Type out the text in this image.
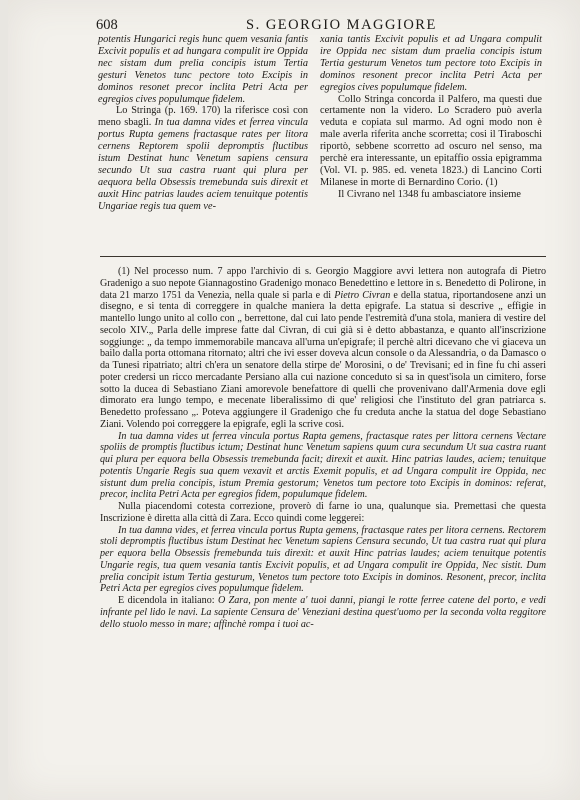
608	S. GEORGIO MAGGIORE

potentis Hungarici regis hunc quem vesania fantis Excivit populis et ad hungara compulit ire Oppida nec sistam dum prelia concipis istum Tertia gesturi Venetos tunc pectore toto Excipis in dominos resonet precor inclita Petri Acta per egregios cives populumque fidelem.

Lo Stringa (p. 169. 170) la riferisce così con meno sbagli. In tua damna vides et ferrea vincula portus Rupta gemens fractasque rates per litora cernens Reptorem spolii depromptis fluctibus istum Destinat hunc Venetum sapiens censura secundo Ut sua castra ruant qui plura per aequora bella Obsessis tremebunda suis direxit et auxit Hinc patrias laudes aciem tenuitque potentis Ungariae regis tua quem ve-

xania tantis Excivit populis et ad Ungara compulit ire Oppida nec sistam dum praelia concipis istum Tertia gesturum Venetos tum pectore toto Excipis in dominos resonent precor inclita Petri Acta per egregios cives populumque fidelem.

Collo Stringa concorda il Palfero, ma questi due certamente non la videro. Lo Scradero può averla veduta e copiata sul marmo. Ad ogni modo non è male averla riferita anche scorretta; cosi il Tiraboschi riportò, sebbene scorretto ad oscuro nel senso, ma perchè era interessante, un epitaffio ossia epigramma (Vol. VI. p. 985. ed. veneta 1823.) di Lancino Corti Milanese in morte di Bernardino Corio. (1)

Il Civrano nel 1348 fu ambasciatore insieme

(1) Nel processo num. 7 appo l'archivio di s. Georgio Maggiore avvi lettera non autografa di Pietro Gradenigo a suo nepote Giannagostino Gradenigo monaco Benedettino e lettore in s. Benedetto di Polirone, in data 21 marzo 1751 da Venezia, nella quale si parla e di Pietro Civran e della statua, riportandosene anzi un disegno, e si tenta di correggere in qualche maniera la detta epigrafe. La statua si descrive „ effigie in mantello lungo unito al collo con „ berrettone, dal cui lato pende l'estremità d'una stola, maniera di vestire del secolo XIV.„ Parla delle imprese fatte dal Civran, di cui già si è detto abbastanza, e quanto all'inscrizione soggiunge: „ da tempo immemorabile mancava all'urna un'epigrafe; il perchè altri dicevano che vi giaceva un bailo dalla porta ottomana ritornato; altri che ivi esser doveva alcun console o da Alessandria, o da Damasco o da Tunesi ripatriato; altri ch'era un senatore della stirpe de' Morosini, o de' Trevisani; ed in fine fu chi asseri poter credersi un ricco mercadante Persiano alla cui nazione conceduto si sa in quest'isola un cimitero, forse sotto la ducea di Sebastiano Ziani amorevole benefattore di quelli che provenivano dall'Armenia dove egli dimorato era lungo tempo, e mecenate liberalissimo di que' religiosi che l'instituto del gran patriarca s. Benedetto professano „. Poteva aggiungere il Gradenigo che fu creduta anche la statua del doge Sebastiano Ziani. Volendo poi correggere la epigrafe, egli la scrive così.

In tua damna vides ut ferrea vincula portus Rapta gemens, fractasque rates per littora cernens Vectare spoliis de promptis fluctibus ictum; Destinat hunc Venetum sapiens quum cura secundum Ut sua castra ruant qui plura per equora bella Obsessis tremebunda facit; direxit et auxit. Hinc patrias laudes, aciem; tenuitque potentis Ungarie Regis sua quem vexavit et arctis Exemit populis, et ad Ungara compulit ire Oppida, nec sistunt dum prelia concipis, istum Premia gestorum; Venetos tum pectore toto Excipis in dominos: referat, precor, inclita Petri Acta per egregios fidem, populumque fidelem.

Nulla piacendomi cotesta correzione, proverò di farne io una, qualunque sia. Premettasi che questa Inscrizione è diretta alla città di Zara. Ecco quindi come leggerei:

In tua damna vides, et ferrea vincula portus Rupta gemens, fractasque rates per litora cernens. Rectorem stoli depromptis fluctibus istum Destinat hec Venetum sapiens Censura secundo, Ut tua castra ruat qui plura per equora bella Obsessis fremebunda tuis direxit: et auxit Hinc patrias laudes; aciem tenuitque potentis Ungarie regis, tua quem vesania tantis Excivit populis, et ad Ungara compulit ire Oppida, Nec sistit. Dum prelia concipit istum Tertia gesturum, Venetos tum pectore toto Excipis in dominos. Resonent, precor, inclita Petri Acta per egregios cives populumque fidelem.

E dicendola in italiano: O Zara, pon mente a' tuoi danni, piangi le rotte ferree catene del porto, e vedi infrante pel lido le navi. La sapiente Censura de' Veneziani destina quest'uomo per la seconda volta reggitore dello stuolo messo in mare; affinchè rompa i tuoi ac-
